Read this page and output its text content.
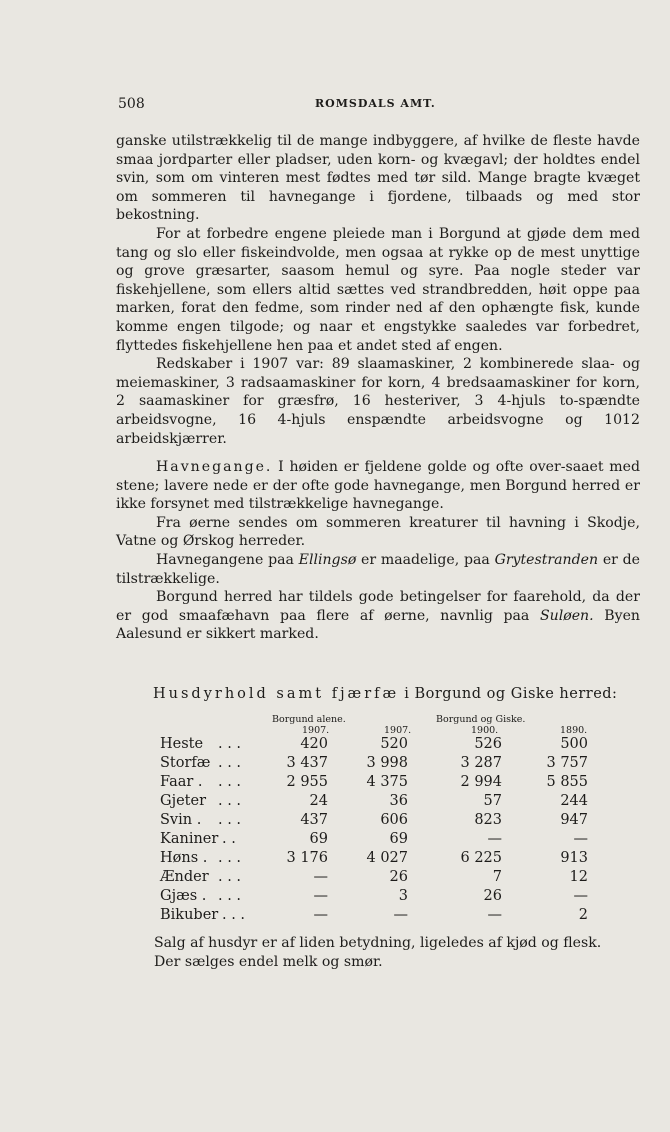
508	ROMSDALS AMT.

ganske utilstrækkelig til de mange indbyggere, af hvilke de fleste havde smaa jordparter eller pladser, uden korn- og kvægavl; der holdtes endel svin, som om vinteren mest fødtes med tør sild. Mange bragte kvæget om sommeren til havnegange i fjordene, tilbaads og med stor bekostning.

For at forbedre engene pleiede man i Borgund at gjøde dem med tang og slo eller fiskeindvolde, men ogsaa at rykke op de mest unyttige og grove græsarter, saasom hemul og syre. Paa nogle steder var fiskehjellene, som ellers altid sættes ved strandbredden, høit oppe paa marken, forat den fedme, som rinder ned af den ophængte fisk, kunde komme engen tilgode; og naar et engstykke saaledes var forbedret, flyttedes fiskehjellene hen paa et andet sted af engen.

Redskaber i 1907 var: 89 slaamaskiner, 2 kombinerede slaa- og meiemaskiner, 3 radsaamaskiner for korn, 4 bredsaamaskiner for korn, 2 saamaskiner for græsfrø, 16 hesteriver, 3 4-hjuls to-spændte arbeidsvogne, 16 4-hjuls enspændte arbeidsvogne og 1012 arbeidskjærrer.

Havnegange. I høiden er fjeldene golde og ofte over-saaet med stene; lavere nede er der ofte gode havnegange, men Borgund herred er ikke forsynet med tilstrækkelige havnegange.

Fra øerne sendes om sommeren kreaturer til havning i Skodje, Vatne og Ørskog herreder.

Havnegangene paa Ellingsø er maadelige, paa Grytestranden er de tilstrækkelige.

Borgund herred har tildels gode betingelser for faarehold, da der er god smaafæhavn paa flere af øerne, navnlig paa Suløen. Byen Aalesund er sikkert marked.

Husdyrhold samt fjærfæ i Borgund og Giske herred:
Borgund alene.	Borgund og Giske.
1907.	1907.	1900.	1890.
Heste . . .	420	520	526	500
Storfæ . . .	3 437	3 998	3 287	3 757
Faar . . . .	2 955	4 375	2 994	5 855
Gjeter . . .	24	36	57	244
Svin . . . .	437	606	823	947
Kaniner . .	69	69	—	—
Høns . . . .	3 176	4 027	6 225	913
Ænder . . .	—	26	7	12
Gjæs . . . .	—	3	26	—
Bikuber . . .	—	—	—	2

Salg af husdyr er af liden betydning, ligeledes af kjød og flesk.

Der sælges endel melk og smør.
